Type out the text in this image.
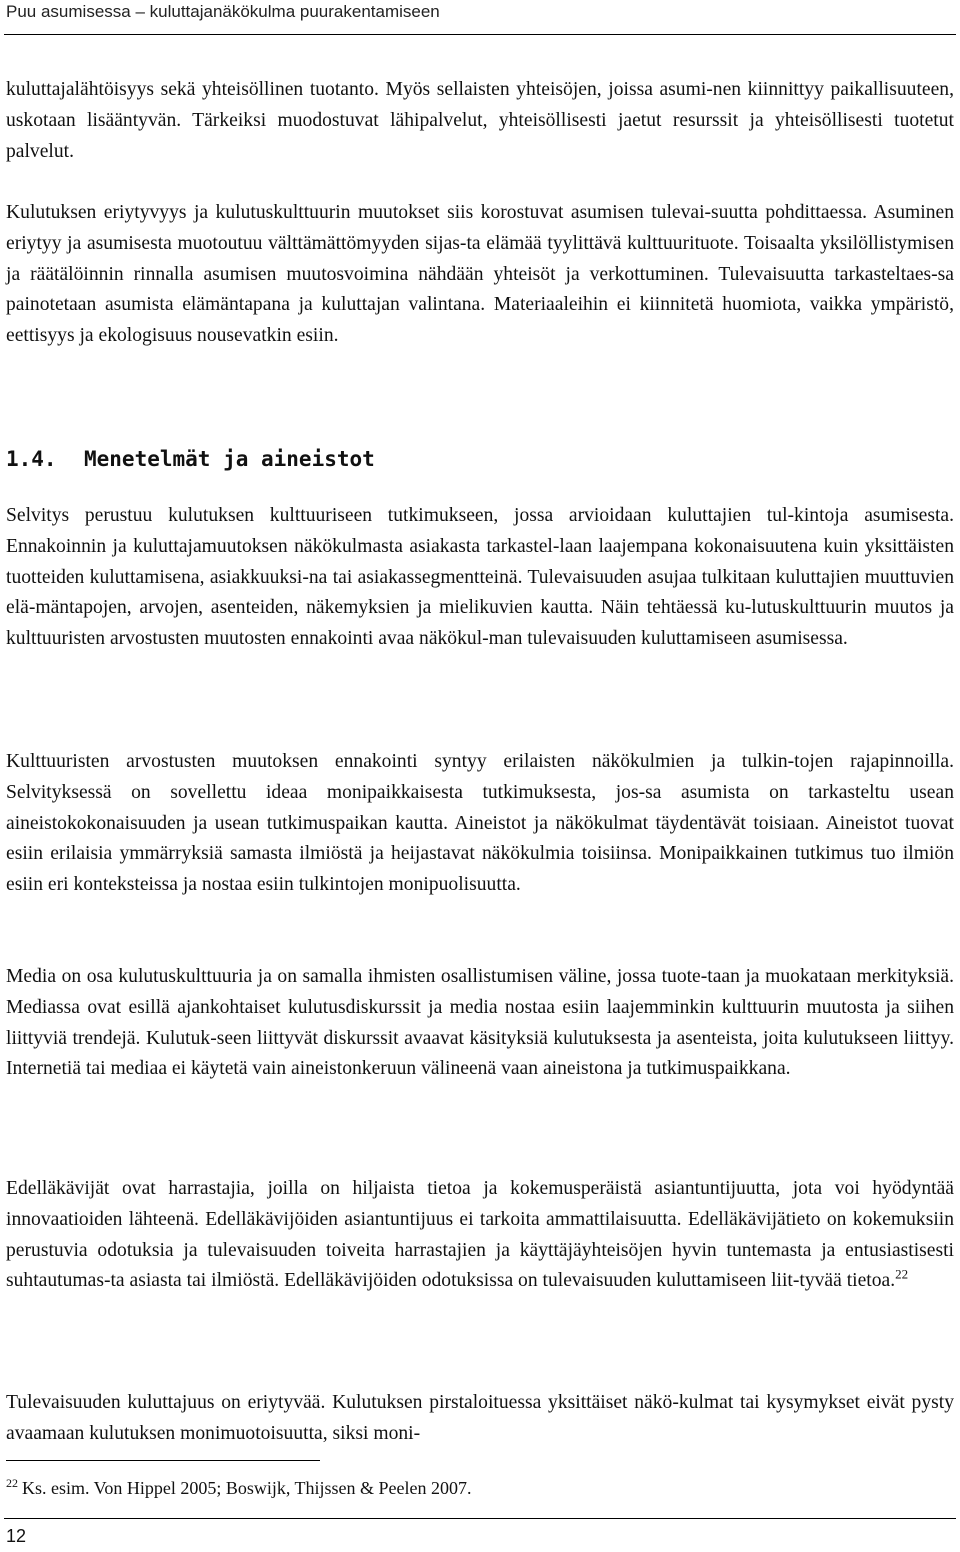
Puu asumisessa – kuluttajanäkökulma puurakentamiseen

kuluttajalähtöisyys sekä yhteisöllinen tuotanto. Myös sellaisten yhteisöjen, joissa asumi-nen kiinnittyy paikallisuuteen, uskotaan lisääntyvän. Tärkeiksi muodostuvat lähipalvelut, yhteisöllisesti jaetut resurssit ja yhteisöllisesti tuotetut palvelut.

Kulutuksen eriytyvyys ja kulutuskulttuurin muutokset siis korostuvat asumisen tulevai-suutta pohdittaessa. Asuminen eriytyy ja asumisesta muotoutuu välttämättömyyden sijas-ta elämää tyylittävä kulttuurituote. Toisaalta yksilöllistymisen ja räätälöinnin rinnalla asumisen muutosvoimina nähdään yhteisöt ja verkottuminen. Tulevaisuutta tarkasteltaes-sa painotetaan asumista elämäntapana ja kuluttajan valintana. Materiaaleihin ei kiinnitetä huomiota, vaikka ympäristö, eettisyys ja ekologisuus nousevatkin esiin.

1.4. Menetelmät ja aineistot

Selvitys perustuu kulutuksen kulttuuriseen tutkimukseen, jossa arvioidaan kuluttajien tul-kintoja asumisesta. Ennakoinnin ja kuluttajamuutoksen näkökulmasta asiakasta tarkastel-laan laajempana kokonaisuutena kuin yksittäisten tuotteiden kuluttamisena, asiakkuuksi-na tai asiakassegmentteinä. Tulevaisuuden asujaa tulkitaan kuluttajien muuttuvien elä-mäntapojen, arvojen, asenteiden, näkemyksien ja mielikuvien kautta. Näin tehtäessä ku-lutuskulttuurin muutos ja kulttuuristen arvostusten muutosten ennakointi avaa näkökul-man tulevaisuuden kuluttamiseen asumisessa.

Kulttuuristen arvostusten muutoksen ennakointi syntyy erilaisten näkökulmien ja tulkin-tojen rajapinnoilla. Selvityksessä on sovellettu ideaa monipaikkaisesta tutkimuksesta, jos-sa asumista on tarkasteltu usean aineistokokonaisuuden ja usean tutkimuspaikan kautta. Aineistot ja näkökulmat täydentävät toisiaan. Aineistot tuovat esiin erilaisia ymmärryksiä samasta ilmiöstä ja heijastavat näkökulmia toisiinsa. Monipaikkainen tutkimus tuo ilmiön esiin eri konteksteissa ja nostaa esiin tulkintojen monipuolisuutta.

Media on osa kulutuskulttuuria ja on samalla ihmisten osallistumisen väline, jossa tuote-taan ja muokataan merkityksiä. Mediassa ovat esillä ajankohtaiset kulutusdiskurssit ja media nostaa esiin laajemminkin kulttuurin muutosta ja siihen liittyviä trendejä. Kulutuk-seen liittyvät diskurssit avaavat käsityksiä kulutuksesta ja asenteista, joita kulutukseen liittyy. Internetiä tai mediaa ei käytetä vain aineistonkeruun välineenä vaan aineistona ja tutkimuspaikkana.

Edelläkävijät ovat harrastajia, joilla on hiljaista tietoa ja kokemusperäistä asiantuntijuutta, jota voi hyödyntää innovaatioiden lähteenä. Edelläkävijöiden asiantuntijuus ei tarkoita ammattilaisuutta. Edelläkävijätieto on kokemuksiin perustuvia odotuksia ja tulevaisuuden toiveita harrastajien ja käyttäjäyhteisöjen hyvin tuntemasta ja entusiastisesti suhtautumas-ta asiasta tai ilmiöstä. Edelläkävijöiden odotuksissa on tulevaisuuden kuluttamiseen liit-tyvää tietoa.$^{22}$

Tulevaisuuden kuluttajuus on eriytyvää. Kulutuksen pirstaloituessa yksittäiset näkö-kulmat tai kysymykset eivät pysty avaamaan kulutuksen monimuotoisuutta, siksi moni-

$^{22}$ Ks. esim. Von Hippel 2005; Boswijk, Thijssen & Peelen 2007.
12
